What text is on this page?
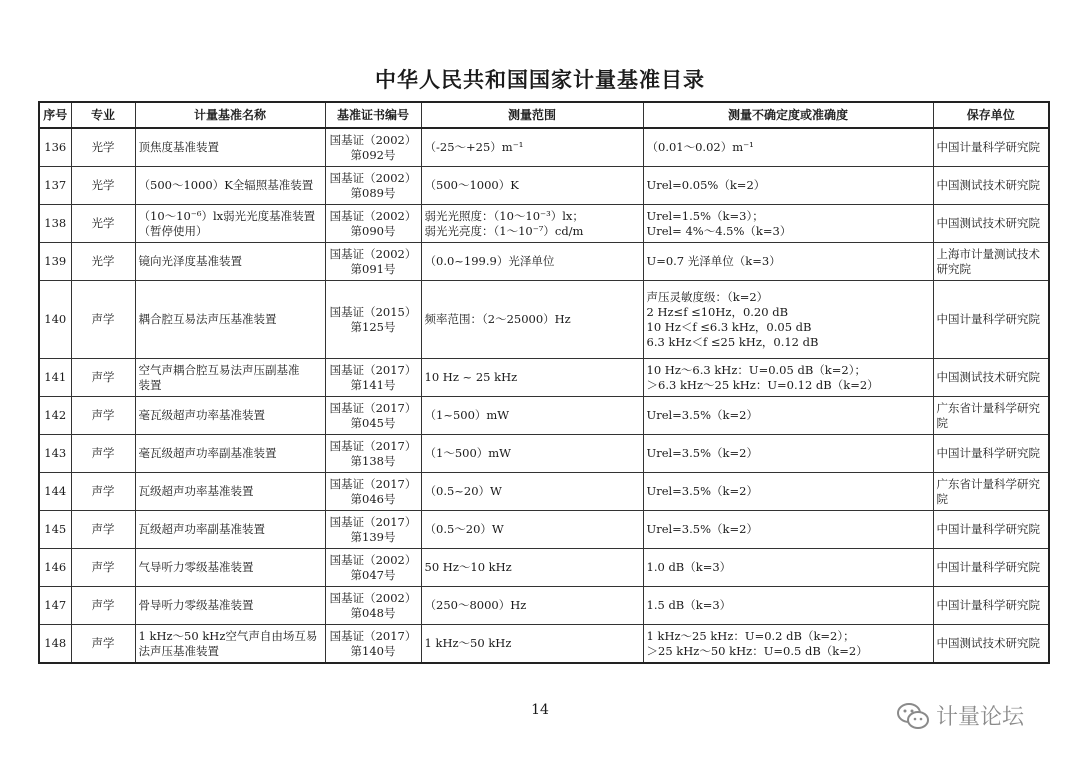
中华人民共和国国家计量基准目录
序号	专业	计量基准名称	基准证书编号	测量范围	测量不确定度或准确度	保存单位
136	光学	顶焦度基准装置	国基证（2002）
第092号	（-25～+25）m⁻¹	（0.01～0.02）m⁻¹	中国计量科学研究院

137	光学	（500～1000）K全辐照基准装置	国基证（2002）
第089号	（500～1000）K	Urel=0.05%（k=2）	中国测试技术研究院

138	光学	（10～10⁻⁶）lx弱光光度基准装置
（暂停使用）	国基证（2002）
第090号	弱光光照度：（10～10⁻³）lx；
弱光光亮度：（1～10⁻⁷）cd/m	Urel=1.5%（k=3）；
Urel= 4%～4.5%（k=3）	中国测试技术研究院

139	光学	镜向光泽度基准装置	国基证（2002）
第091号	（0.0~199.9）光泽单位	U=0.7 光泽单位（k=3）	上海市计量测试技术
研究院

140	声学	耦合腔互易法声压基准装置	国基证（2015）
第125号	频率范围：（2～25000）Hz	声压灵敏度级：（k=2）
2 Hz≤f ≤10Hz，0.20 dB
10 Hz＜f ≤6.3 kHz，0.05 dB
6.3 kHz＜f ≤25 kHz，0.12 dB	中国计量科学研究院

141	声学	空气声耦合腔互易法声压副基准
装置	国基证（2017）
第141号	10 Hz ~ 25 kHz	10 Hz～6.3 kHz：U=0.05 dB（k=2）；
＞6.3 kHz～25 kHz：U=0.12 dB（k=2）	中国测试技术研究院

142	声学	毫瓦级超声功率基准装置	国基证（2017）
第045号	（1~500）mW	Urel=3.5%（k=2）	广东省计量科学研究
院

143	声学	毫瓦级超声功率副基准装置	国基证（2017）
第138号	（1～500）mW	Urel=3.5%（k=2）	中国计量科学研究院

144	声学	瓦级超声功率基准装置	国基证（2017）
第046号	（0.5~20）W	Urel=3.5%（k=2）	广东省计量科学研究
院

145	声学	瓦级超声功率副基准装置	国基证（2017）
第139号	（0.5～20）W	Urel=3.5%（k=2）	中国计量科学研究院

146	声学	气导听力零级基准装置	国基证（2002）
第047号	50 Hz～10 kHz	1.0 dB（k=3）	中国计量科学研究院

147	声学	骨导听力零级基准装置	国基证（2002）
第048号	（250～8000）Hz	1.5 dB（k=3）	中国计量科学研究院

148	声学	1 kHz～50 kHz空气声自由场互易
法声压基准装置	国基证（2017）
第140号	1 kHz～50 kHz	1 kHz～25 kHz：U=0.2 dB（k=2）；
＞25 kHz～50 kHz：U=0.5 dB（k=2）	中国测试技术研究院
14	计量论坛
